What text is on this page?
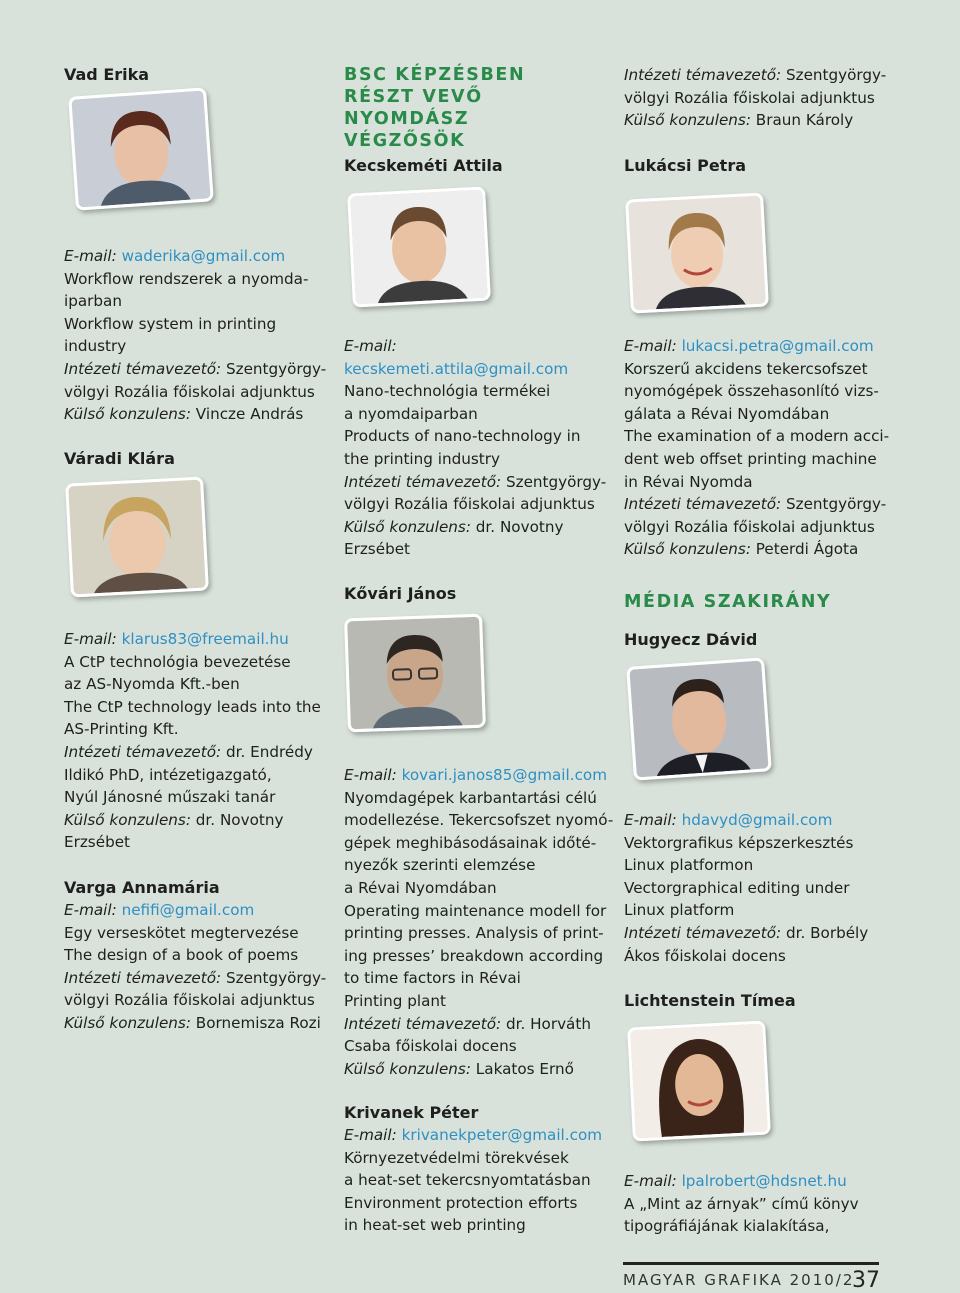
Vad Erika

E-mail: waderika@gmail.com

Workflow rendszerek a nyomda-

iparban

Workflow system in printing

industry

Intézeti témavezető: Szentgyörgy-

völgyi Rozália főiskolai adjunktus

Külső konzulens: Vincze András

Váradi Klára

E-mail: klarus83@freemail.hu

A CtP technológia bevezetése

az AS-Nyomda Kft.-ben

The CtP technology leads into the

AS-Printing Kft.

Intézeti témavezető: dr. Endrédy

Ildikó PhD, intézetigazgató,

Nyúl Jánosné műszaki tanár

Külső konzulens: dr. Novotny

Erzsébet

Varga Annamária

E-mail: nefifi@gmail.com

Egy verseskötet megtervezése

The design of a book of poems

Intézeti témavezető: Szentgyörgy-

völgyi Rozália főiskolai adjunktus

Külső konzulens: Bornemisza Rozi

BSC KÉPZÉSBEN

RÉSZT VEVŐ NYOMDÁSZ

VÉGZŐSÖK

Kecskeméti Attila

E-mail:

kecskemeti.attila@gmail.com

Nano-technológia termékei

a nyomdaiparban

Products of nano-technology in

the printing industry

Intézeti témavezető: Szentgyörgy-

völgyi Rozália főiskolai adjunktus

Külső konzulens: dr. Novotny

Erzsébet

Kővári János

E-mail: kovari.janos85@gmail.com

Nyomdagépek karbantartási célú

modellezése. Tekercsofszet nyomó-

gépek meghibásodásainak időté-

nyezők szerinti elemzése

a Révai Nyomdában

Operating maintenance modell for

printing presses. Analysis of print-

ing presses’ breakdown according

to time factors in Révai

Printing plant

Intézeti témavezető: dr. Horváth

Csaba főiskolai docens

Külső konzulens: Lakatos Ernő

Krivanek Péter

E-mail: krivanekpeter@gmail.com

Környezetvédelmi törekvések

a heat-set tekercsnyomtatásban

Environment protection efforts

in heat-set web printing

Intézeti témavezető: Szentgyörgy-

völgyi Rozália főiskolai adjunktus

Külső konzulens: Braun Károly

Lukácsi Petra

E-mail: lukacsi.petra@gmail.com

Korszerű akcidens tekercsofszet

nyomógépek összehasonlító vizs-

gálata a Révai Nyomdában

The examination of a modern acci-

dent web offset printing machine

in Révai Nyomda

Intézeti témavezető: Szentgyörgy-

völgyi Rozália főiskolai adjunktus

Külső konzulens: Peterdi Ágota

MÉDIA SZAKIRÁNY

Hugyecz Dávid

E-mail: hdavyd@gmail.com

Vektorgrafikus képszerkesztés

Linux platformon

Vectorgraphical editing under

Linux platform

Intézeti témavezető: dr. Borbély

Ákos főiskolai docens

Lichtenstein Tímea

E-mail: lpalrobert@hdsnet.hu

A „Mint az árnyak” című könyv

tipográfiájának kialakítása,

MAGYAR GRAFIKA 2010/2
37
